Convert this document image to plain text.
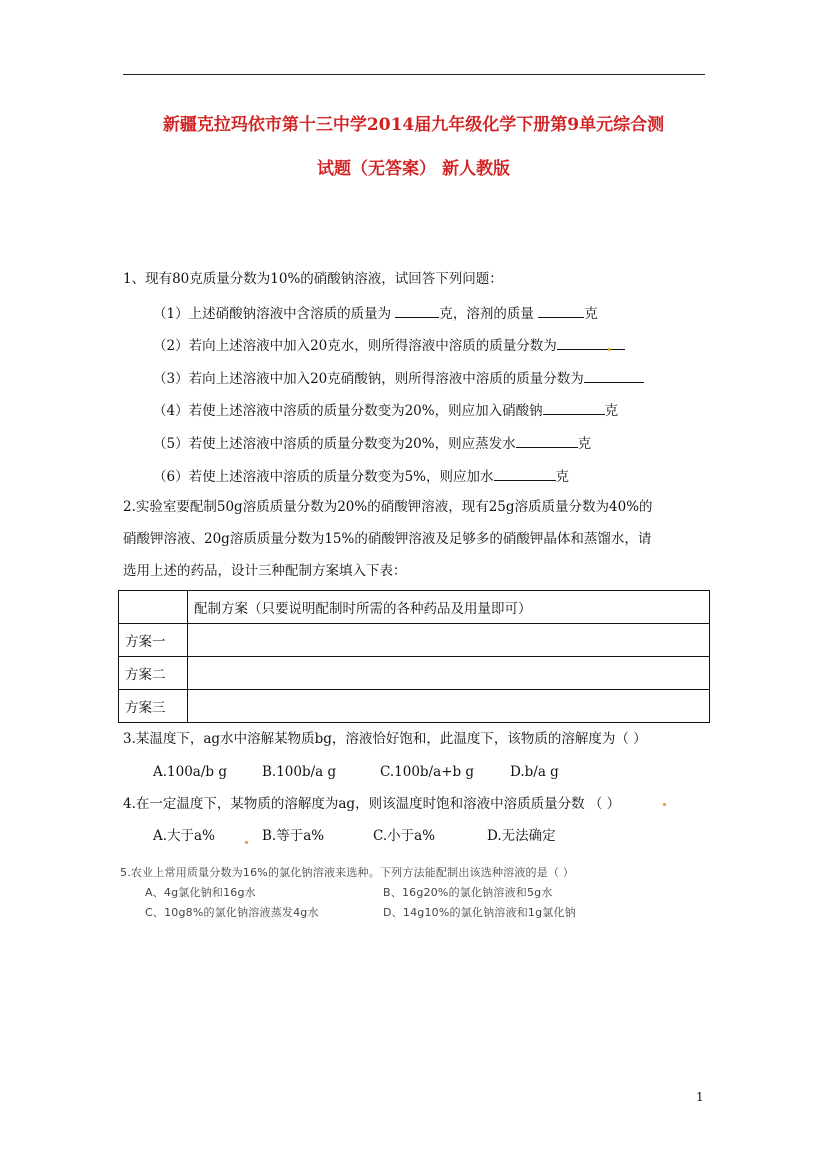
新疆克拉玛依市第十三中学2014届九年级化学下册第9单元综合测
试题（无答案） 新人教版
1、现有80克质量分数为10%的硝酸钠溶液，试回答下列问题：
（1）上述硝酸钠溶液中含溶质的质量为	克，溶剂的质量	克
（2）若向上述溶液中加入20克水，则所得溶液中溶质的质量分数为
（3）若向上述溶液中加入20克硝酸钠，则所得溶液中溶质的质量分数为
（4）若使上述溶液中溶质的质量分数变为20%，则应加入硝酸钠	克
（5）若使上述溶液中溶质的质量分数变为20%，则应蒸发水	克
（6）若使上述溶液中溶质的质量分数变为5%，则应加水	克
2.实验室要配制50g溶质质量分数为20%的硝酸钾溶液，现有25g溶质质量分数为40%的
硝酸钾溶液、20g溶质质量分数为15%的硝酸钾溶液及足够多的硝酸钾晶体和蒸馏水，请
选用上述的药品，设计三种配制方案填入下表：
	配制方案（只要说明配制时所需的各种药品及用量即可）
方案一	
方案二	
方案三	
3.某温度下，ag水中溶解某物质bg，溶液恰好饱和，此温度下，该物质的溶解度为（ ）
A.100a/b g	B.100b/a g	C.100b/a+b g	D.b/a g
4.在一定温度下，某物质的溶解度为ag，则该温度时饱和溶液中溶质质量分数 （ ）
A.大于a%	B.等于a%	C.小于a%	D.无法确定
5.农业上常用质量分数为16%的氯化钠溶液来选种。下列方法能配制出该选种溶液的是（ ）
A、4g氯化钠和16g水	B、16g20%的氯化钠溶液和5g水
C、10g8%的氯化钠溶液蒸发4g水	D、14g10%的氯化钠溶液和1g氯化钠
1
